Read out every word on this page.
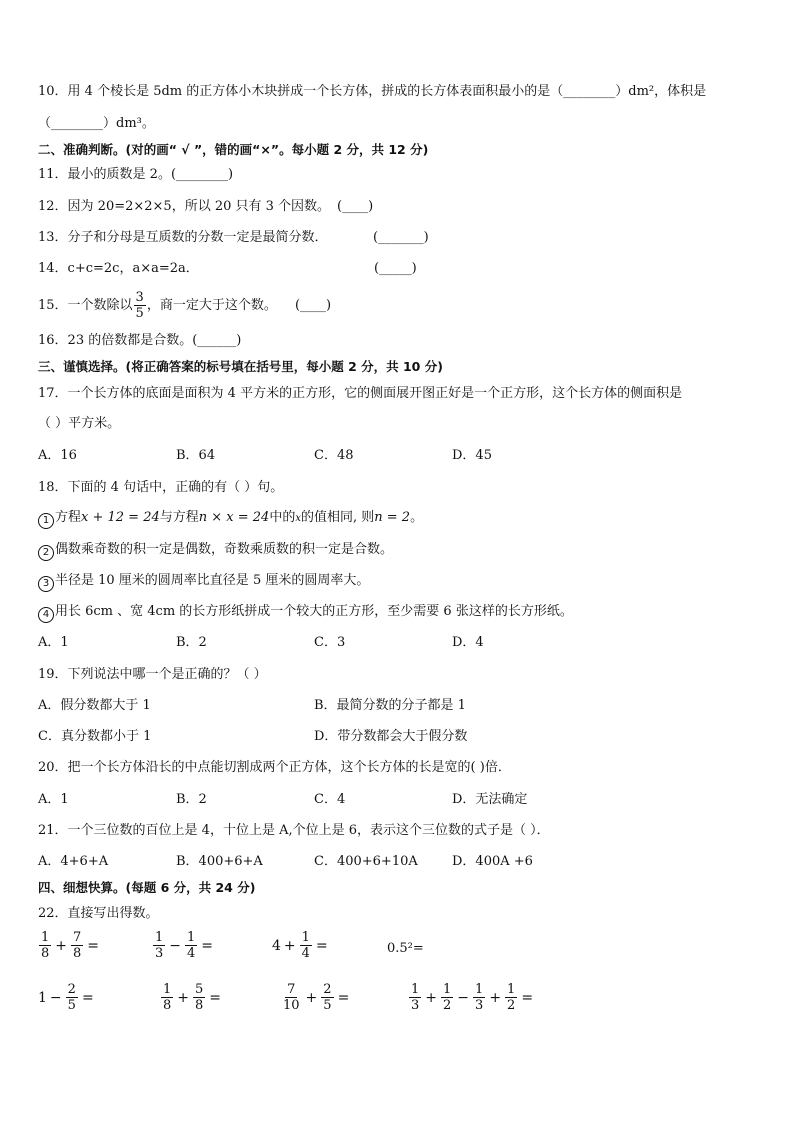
10．用 4 个棱长是 5dm 的正方体小木块拼成一个长方体，拼成的长方体表面积最小的是（________）dm²，体积是
（________）dm³。
二、准确判断。(对的画“ √ ”，错的画“×”。每小题 2 分，共 12 分)
11．最小的质数是 2。(________)
12．因为 20=2×2×5，所以 20 只有 3 个因数。 (____)
13．分子和分母是互质数的分数一定是最简分数．	(_______)
14．c+c=2c，a×a=2a．	(_____)
15．一个数除以 $\frac{3}{5}$ ，商一定大于这个数。 (____)
16．23 的倍数都是合数。(______)
三、谨慎选择。(将正确答案的标号填在括号里，每小题 2 分，共 10 分)
17．一个长方体的底面是面积为 4 平方米的正方形，它的侧面展开图正好是一个正方形，这个长方体的侧面积是
（ ）平方米。
A．16	B．64	C．48	D．45
18．下面的 4 句话中，正确的有（ ）句。
1 方程x + 12 = 24与方程n × x = 24中的x的值相同, 则n = 2。
2 偶数乘奇数的积一定是偶数，奇数乘质数的积一定是合数。
3 半径是 10 厘米的圆周率比直径是 5 厘米的圆周率大。
4 用长 6cm 、宽 4cm 的长方形纸拼成一个较大的正方形，至少需要 6 张这样的长方形纸。
A．1	B．2	C．3	D．4
19．下列说法中哪一个是正确的？（ ）
A．假分数都大于 1	B．最简分数的分子都是 1
C．真分数都小于 1	D．带分数都会大于假分数
20．把一个长方体沿长的中点能切割成两个正方体，这个长方体的长是宽的( )倍．
A．1	B．2	C．4	D．无法确定
21．一个三位数的百位上是 4，十位上是 A,个位上是 6，表示这个三位数的式子是（ ）．
A．4+6+A	B．400+6+A	C．400+6+10A	D．400A +6
四、细想快算。(每题 6 分，共 24 分)
22．直接写出得数。
$\frac{1}{8} + \frac{7}{8}$ =	$\frac{1}{3} - \frac{1}{4}$ =	$4 + \frac{1}{4}$ =	0.5²=
$1 - \frac{2}{5}$ =	$\frac{1}{8} + \frac{5}{8}$ =	$\frac{7}{10} + \frac{2}{5}$ =	$\frac{1}{3} + \frac{1}{2} - \frac{1}{3} + \frac{1}{2}$ =
